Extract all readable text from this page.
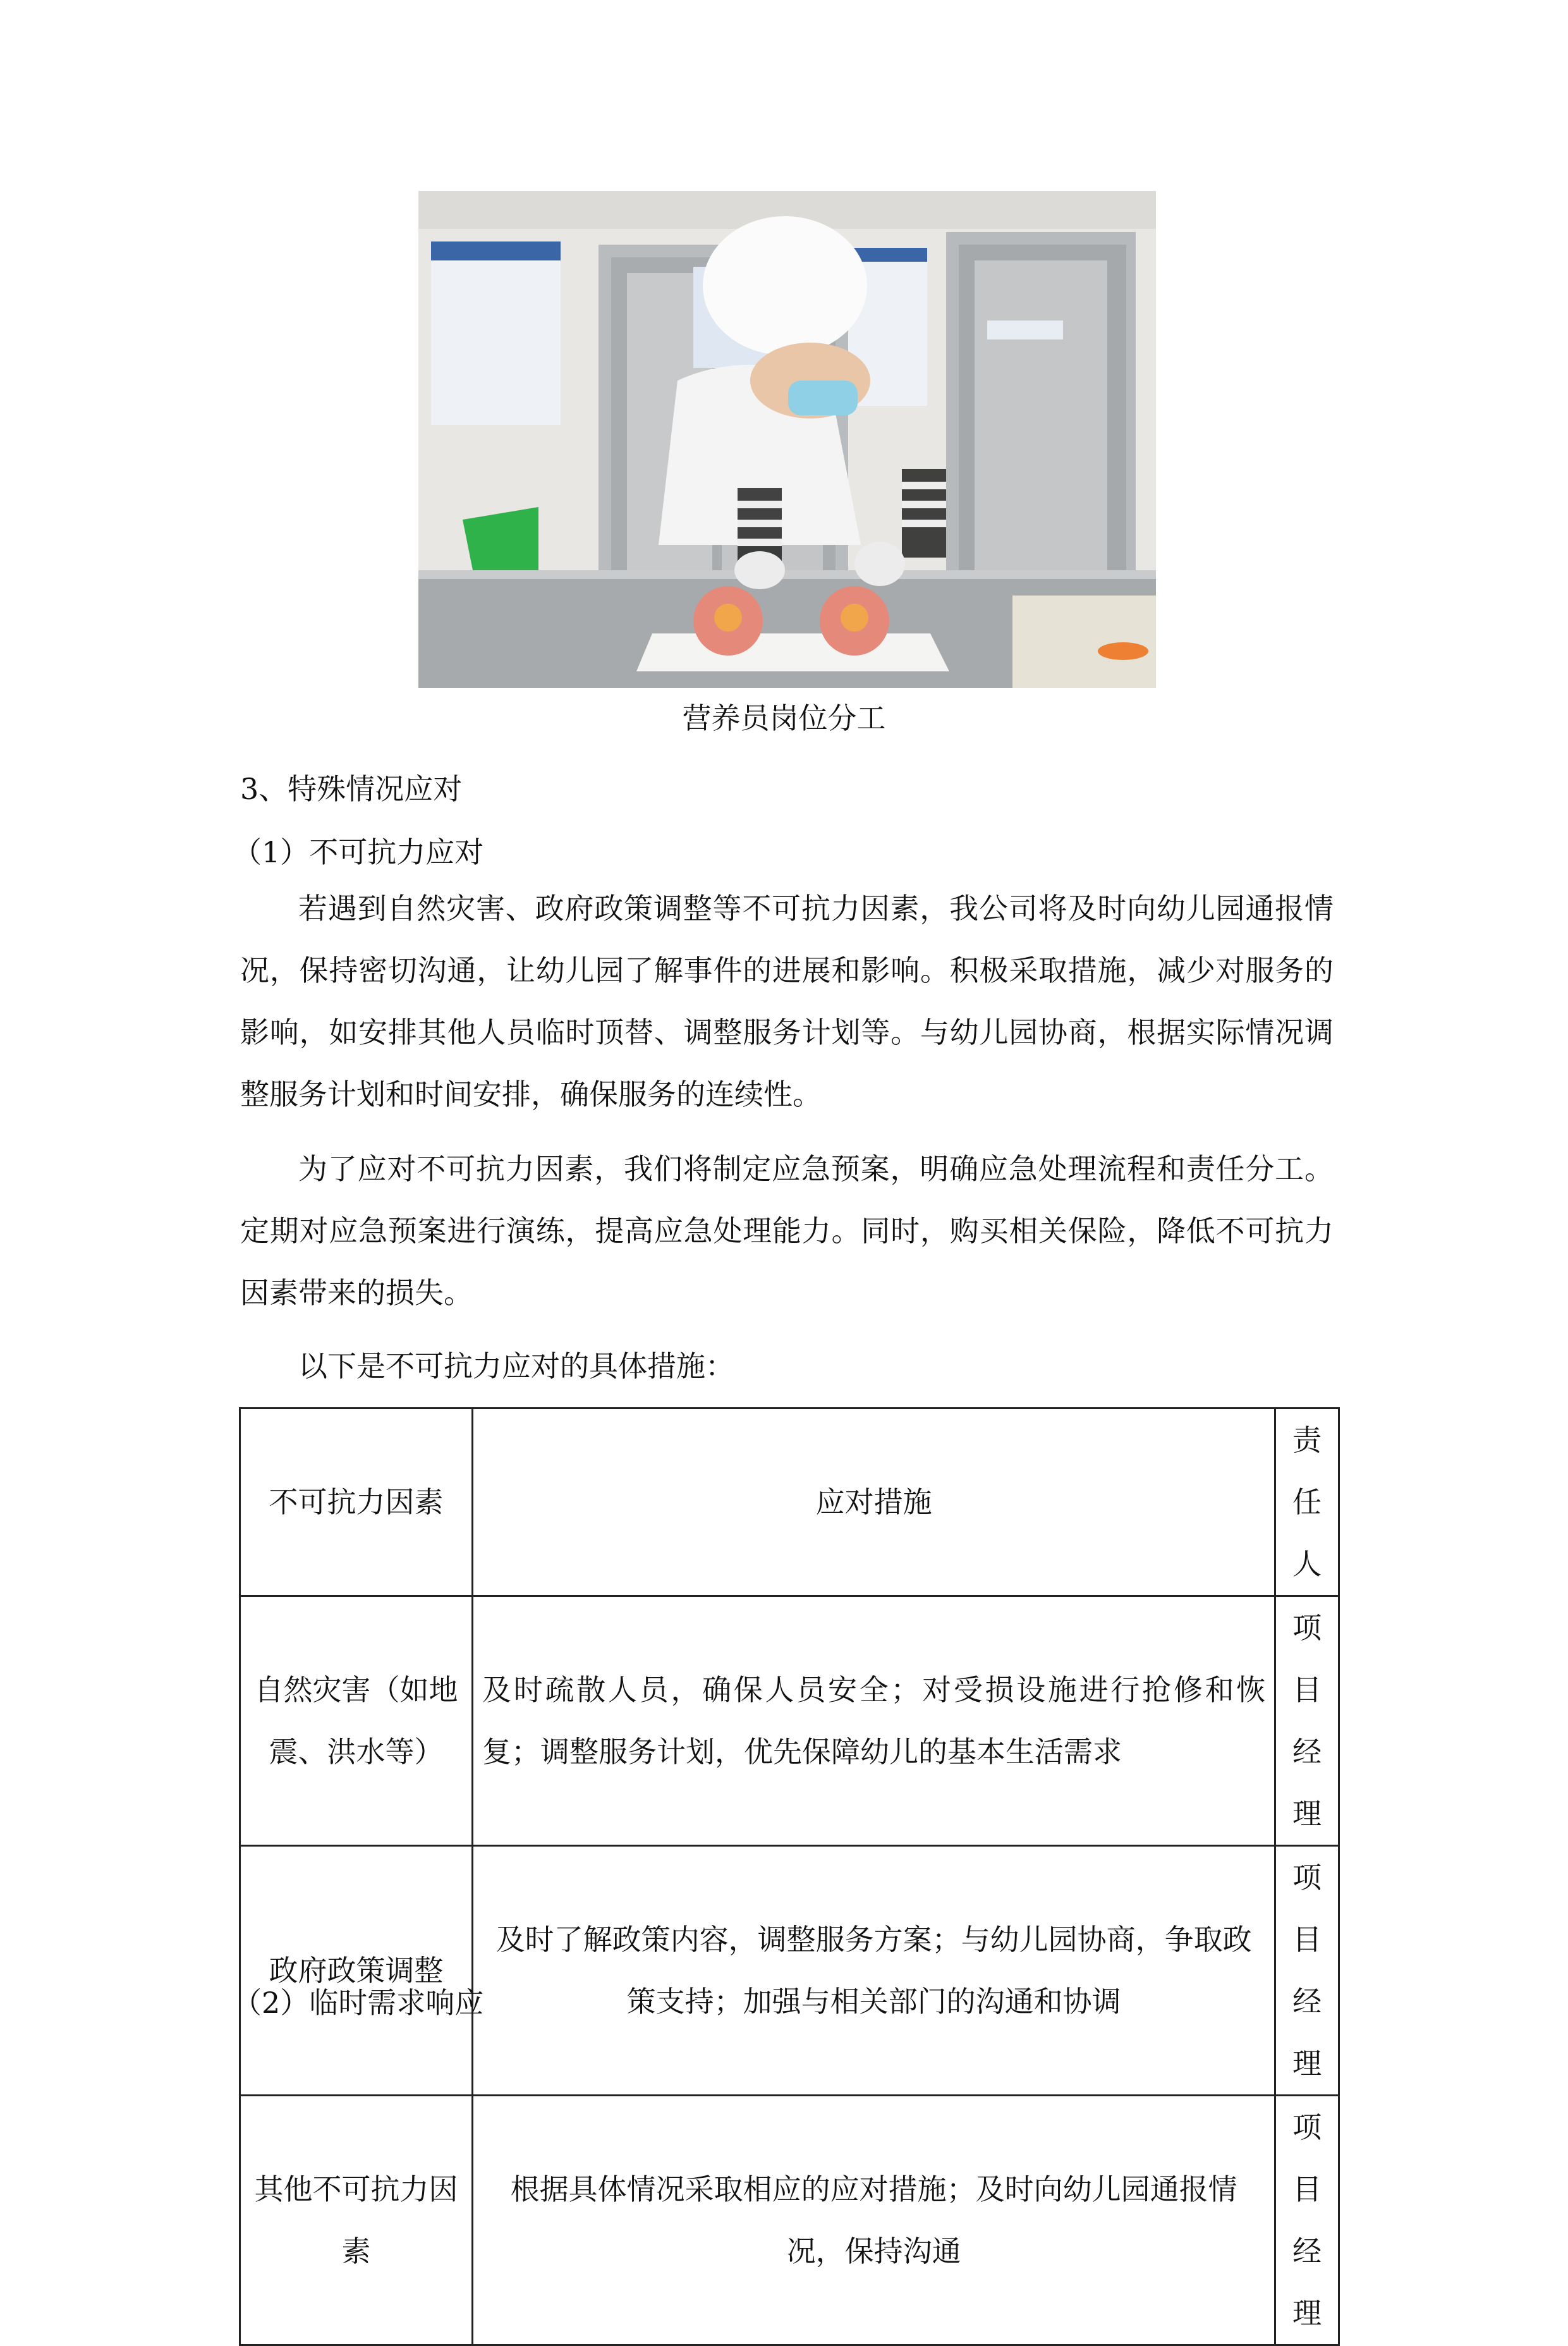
营养员岗位分工
3、特殊情况应对
（1）不可抗力应对

若遇到自然灾害、政府政策调整等不可抗力因素，我公司将及时向幼儿园通报情况，保持密切沟通，让幼儿园了解事件的进展和影响。积极采取措施，减少对服务的影响，如安排其他人员临时顶替、调整服务计划等。与幼儿园协商，根据实际情况调整服务计划和时间安排，确保服务的连续性。

为了应对不可抗力因素，我们将制定应急预案，明确应急处理流程和责任分工。定期对应急预案进行演练，提高应急处理能力。同时，购买相关保险，降低不可抗力因素带来的损失。

以下是不可抗力应对的具体措施：

不可抗力因素	应对措施	责任人
自然灾害（如地震、洪水等）	及时疏散人员，确保人员安全；对受损设施进行抢修和恢复；调整服务计划，优先保障幼儿的基本生活需求	项目经理
政府政策调整	及时了解政策内容，调整服务方案；与幼儿园协商，争取政策支持；加强与相关部门的沟通和协调	项目经理
其他不可抗力因素	根据具体情况采取相应的应对措施；及时向幼儿园通报情况，保持沟通	项目经理
（2）临时需求响应
